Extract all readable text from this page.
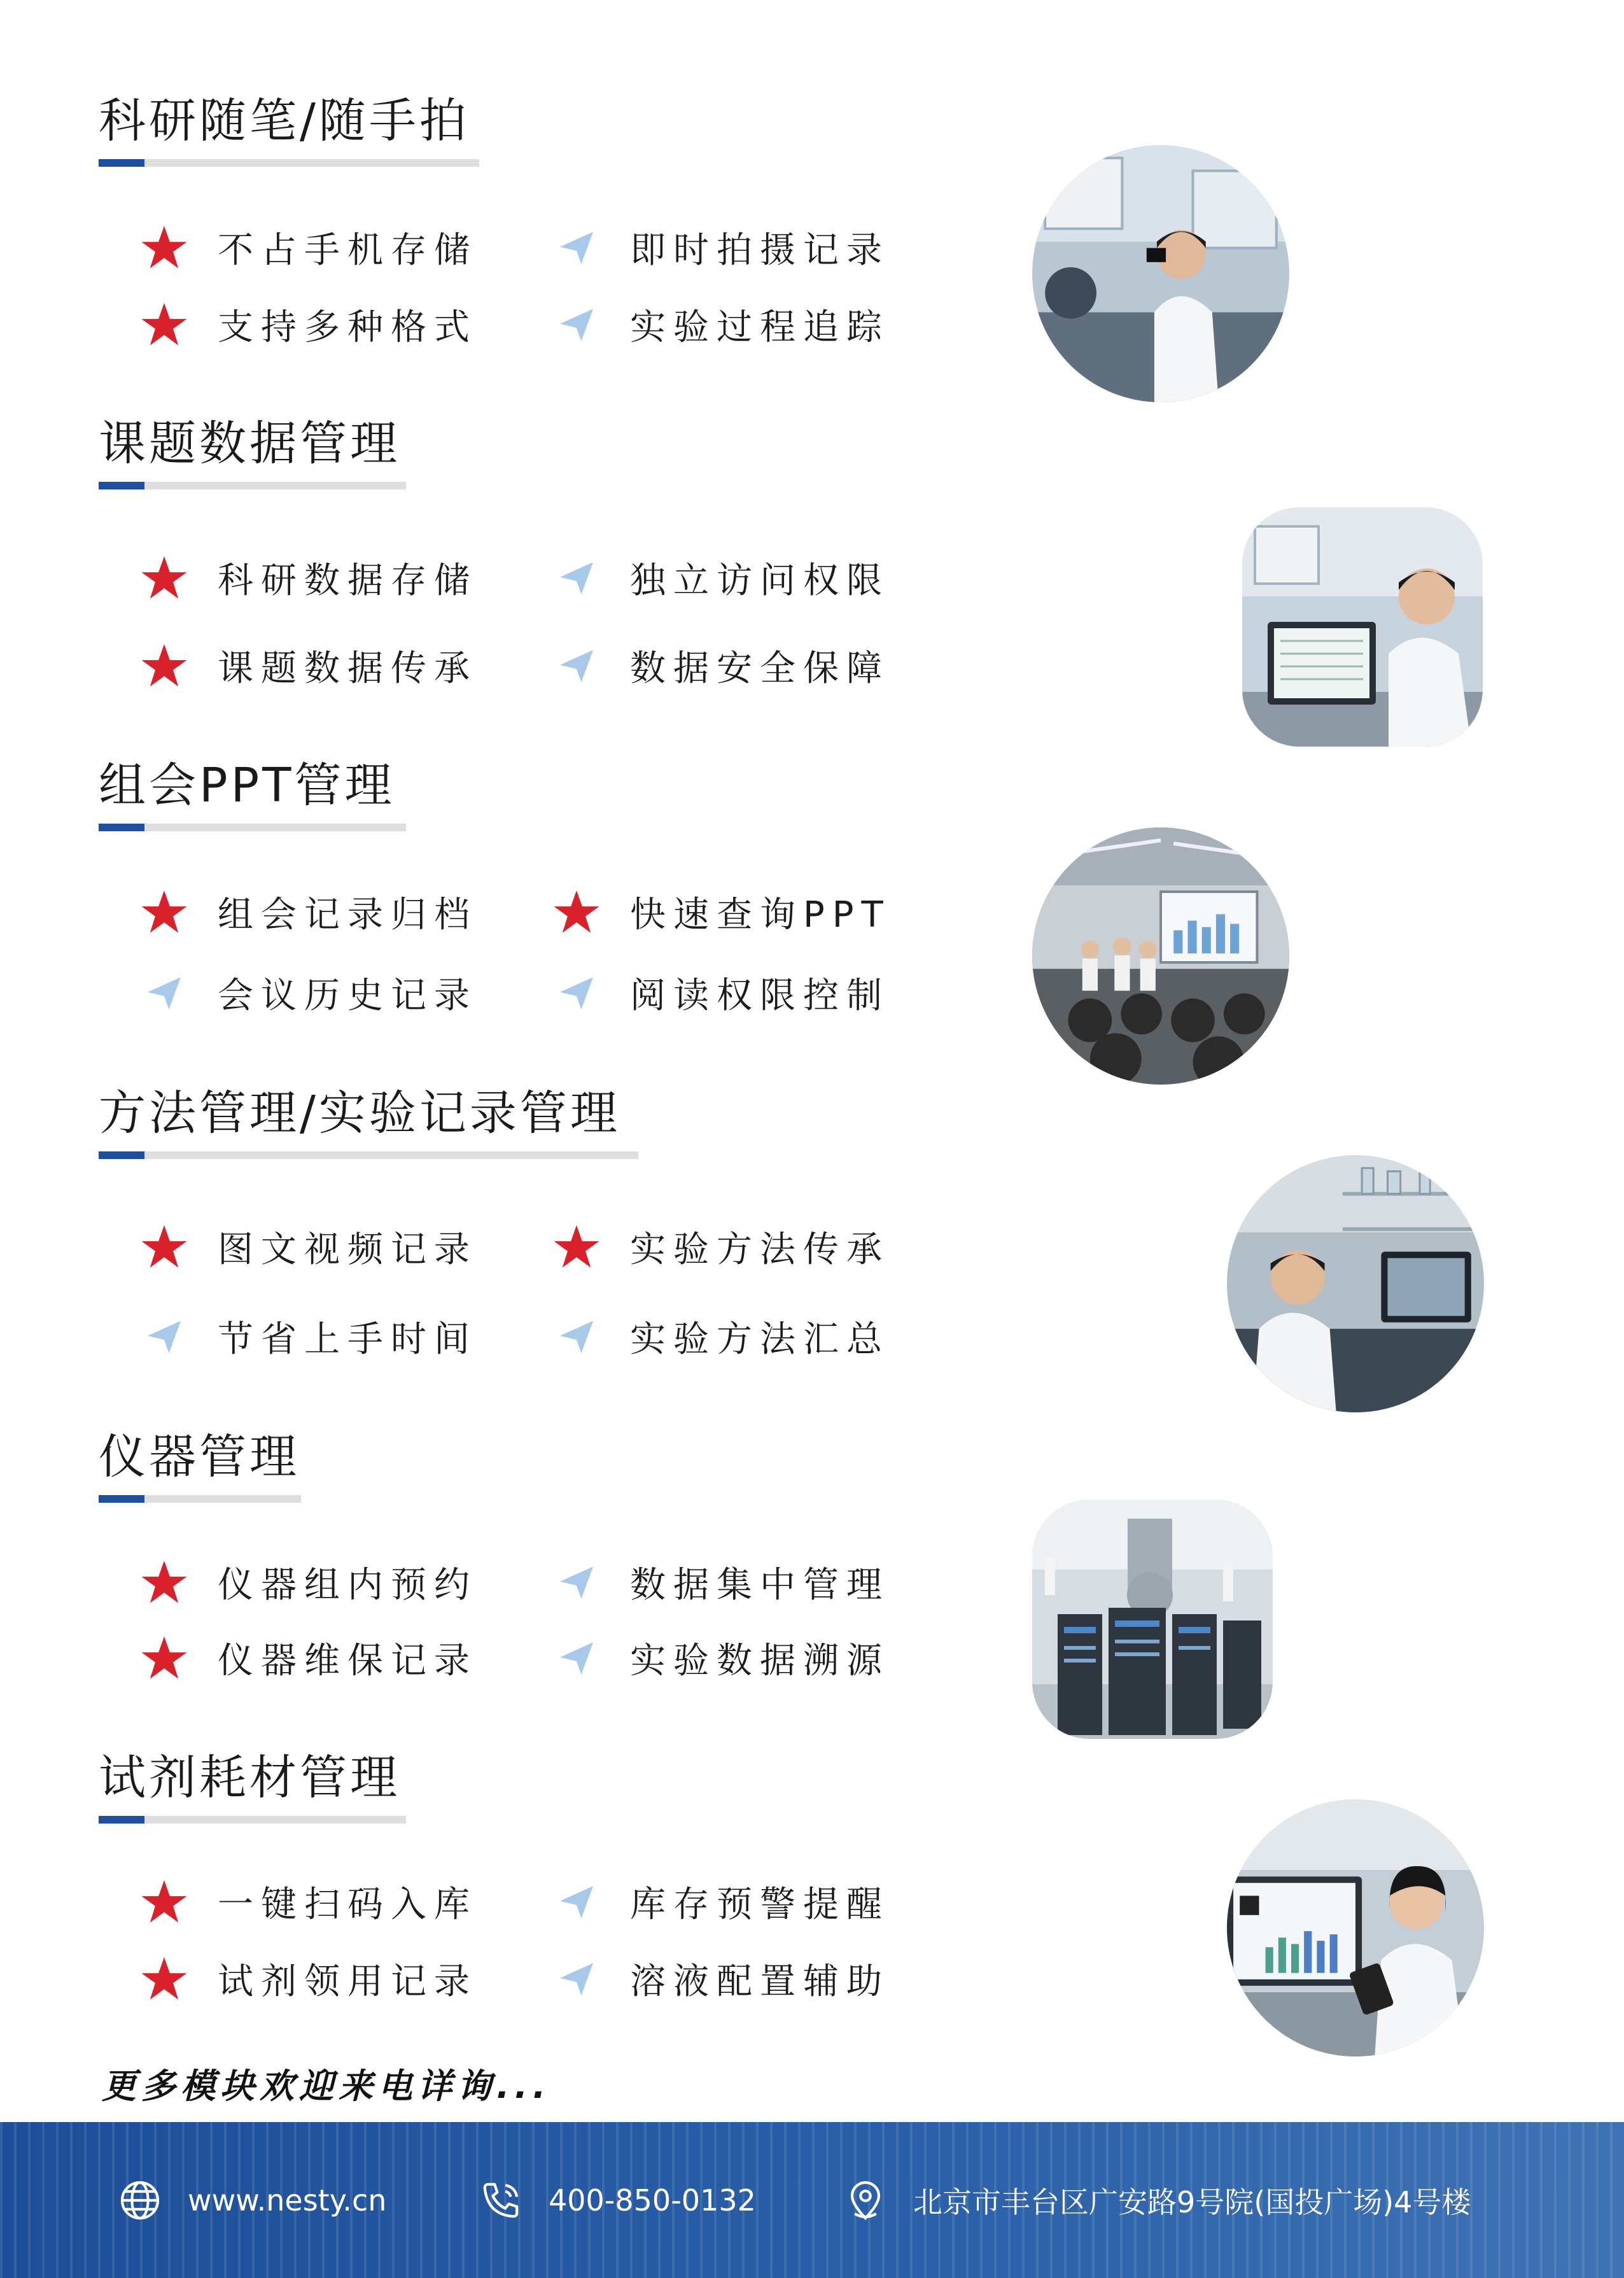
科研随笔/随手拍
课题数据管理
组会PPT管理
方法管理/实验记录管理
仪器管理
试剂耗材管理
不占手机存储	即时拍摄记录
支持多种格式	实验过程追踪
科研数据存储	独立访问权限
课题数据传承	数据安全保障
组会记录归档	快速查询PPT
会议历史记录	阅读权限控制
图文视频记录	实验方法传承
节省上手时间	实验方法汇总
仪器组内预约	数据集中管理
仪器维保记录	实验数据溯源
一键扫码入库	库存预警提醒
试剂领用记录	溶液配置辅助
更多模块欢迎来电详询...
www.nesty.cn	400-850-0132	北京市丰台区广安路9号院(国投广场)4号楼
